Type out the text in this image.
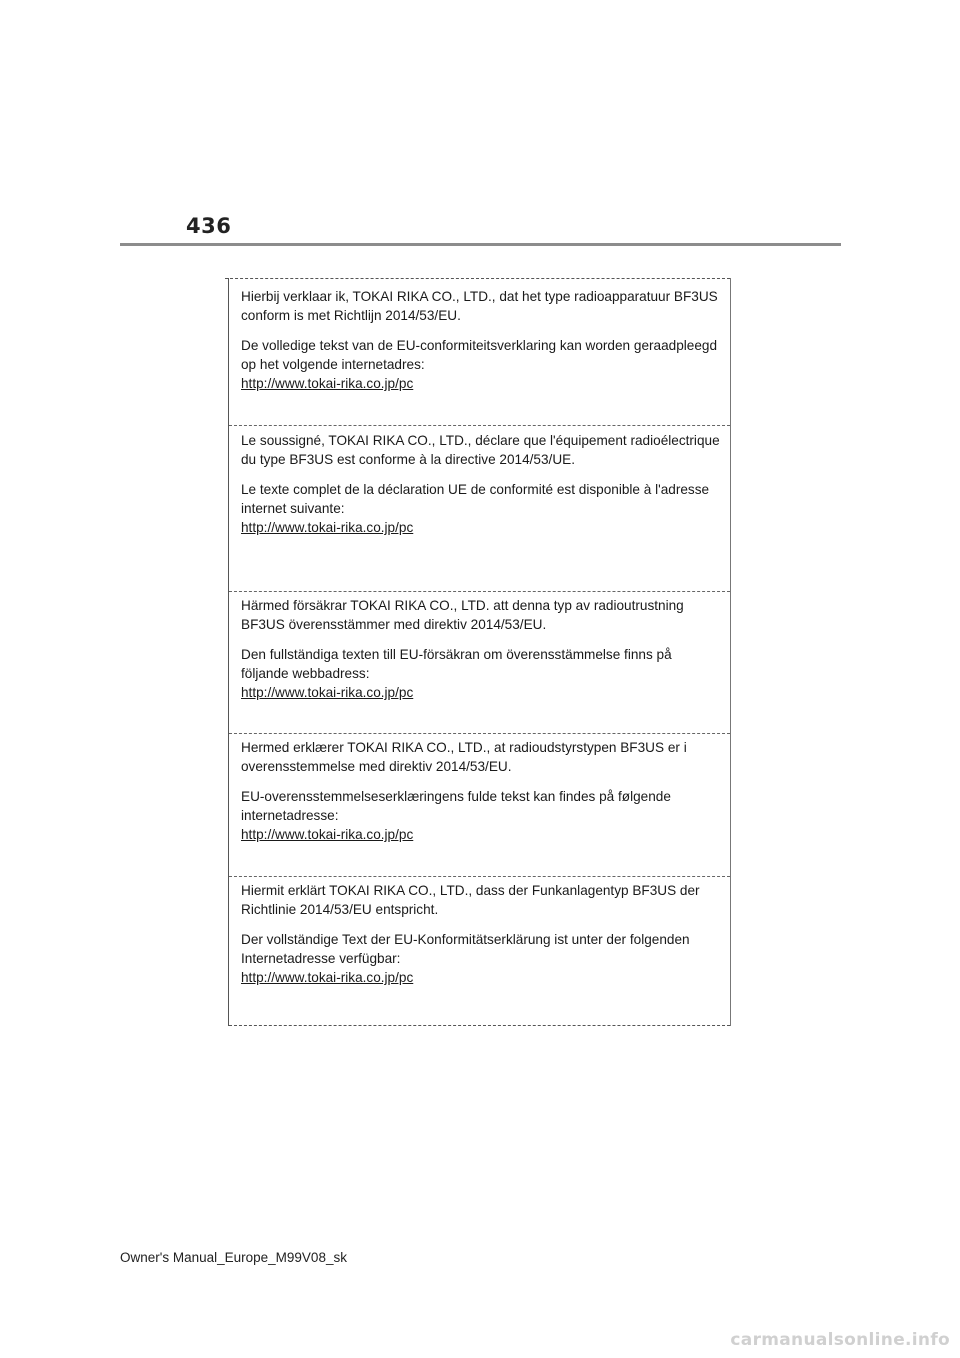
436

Hierbij verklaar ik, TOKAI RIKA CO., LTD., dat het type radioapparatuur BF3US conform is met Richtlijn 2014/53/EU.

De volledige tekst van de EU-conformiteitsverklaring kan worden geraadpleegd op het volgende internetadres:
http://www.tokai-rika.co.jp/pc

Le soussigné, TOKAI RIKA CO., LTD., déclare que l'équipement radioélectrique du type BF3US est conforme à la directive 2014/53/UE.

Le texte complet de la déclaration UE de conformité est disponible à l'adresse internet suivante:
http://www.tokai-rika.co.jp/pc

Härmed försäkrar TOKAI RIKA CO., LTD. att denna typ av radioutrustning BF3US överensstämmer med direktiv 2014/53/EU.

Den fullständiga texten till EU-försäkran om överensstämmelse finns på följande webbadress:
http://www.tokai-rika.co.jp/pc

Hermed erklærer TOKAI RIKA CO., LTD., at radioudstyrstypen BF3US er i overensstemmelse med direktiv 2014/53/EU.

EU-overensstemmelseserklæringens fulde tekst kan findes på følgende internetadresse:
http://www.tokai-rika.co.jp/pc

Hiermit erklärt TOKAI RIKA CO., LTD., dass der Funkanlagentyp BF3US der Richtlinie 2014/53/EU entspricht.

Der vollständige Text der EU-Konformitätserklärung ist unter der folgenden Internetadresse verfügbar:
http://www.tokai-rika.co.jp/pc

Owner's Manual_Europe_M99V08_sk
carmanualsonline.info
